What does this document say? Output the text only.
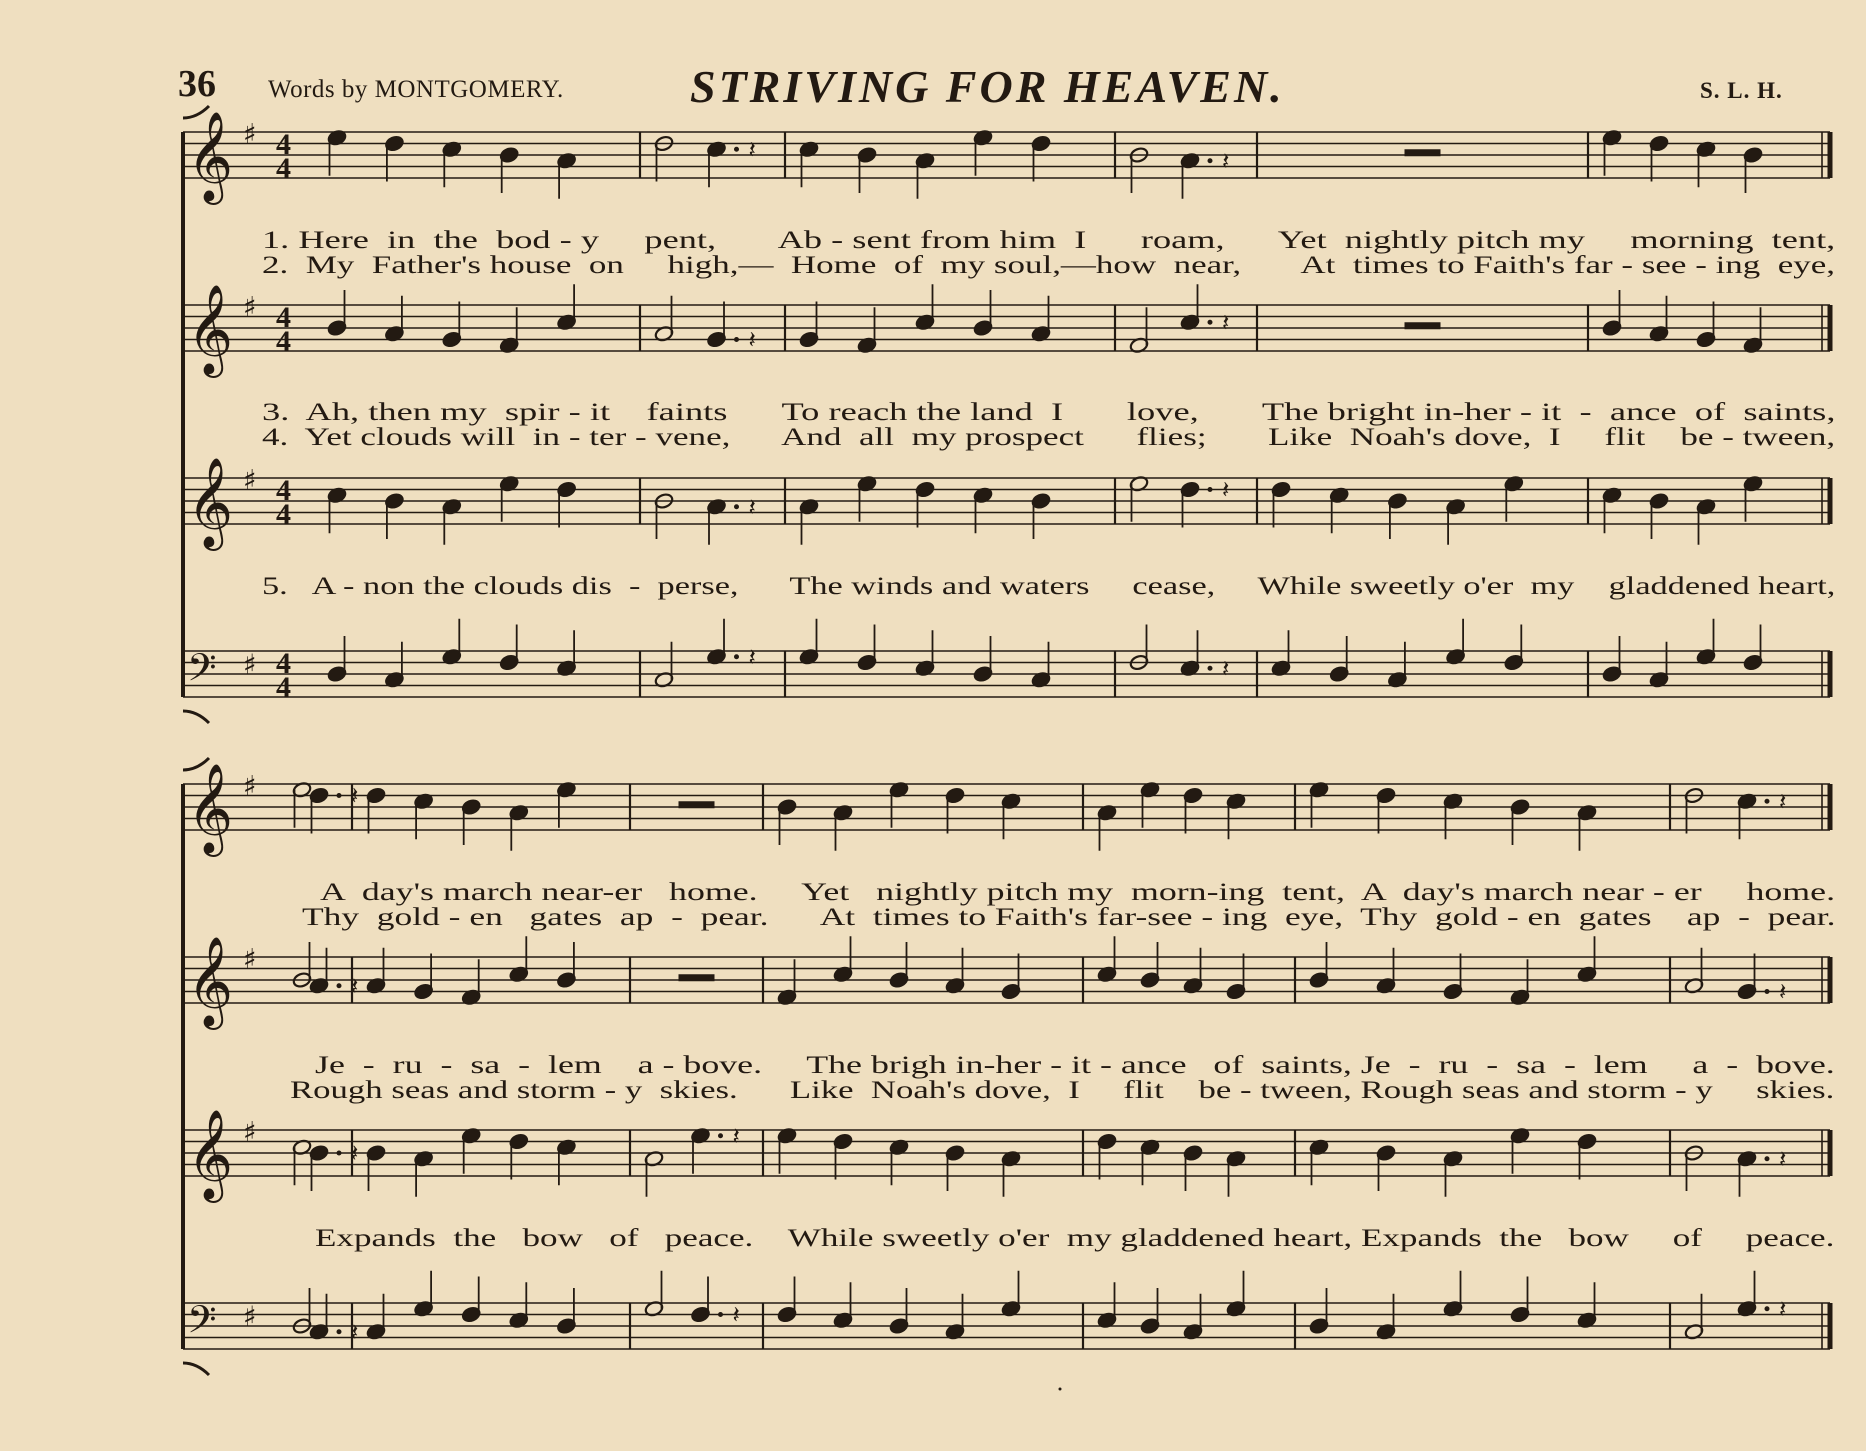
36 Words by MONTGOMERY.	STRIVING FOR HEAVEN.	S. L. H.
𝄞 ♯ 4
4
𝄞 ♯ 4
4
𝄞 ♯ 4
4
𝄢 ♯ 4
4
𝄽	𝄽
𝄽
𝄽
𝄽
𝄽
𝄽	𝄽
𝄞 ♯
𝄞 ♯
𝄞 ♯
𝄢 ♯
𝄽	𝄽
𝄽	𝄽
𝄽
𝄽
𝄽
𝄽
𝄽	𝄽

1. Here  in  the  bod - y     pent,       Ab - sent from him  I      roam,      Yet  nightly pitch my     morning  tent,

2.  My  Father's house  on     high,—  Home  of  my soul,—how  near,       At  times to Faith's far - see - ing  eye,

3.  Ah, then my  spir - it    faints      To reach the land  I       love,       The bright in-her - it  -  ance  of  saints,

4.  Yet clouds will  in - ter - vene,      And  all  my prospect      flies;       Like  Noah's dove,  I     flit    be - tween,

5.   A - non the clouds dis  -  perse,      The winds and waters     cease,     While sweetly o'er  my    gladdened heart,

A  day's march near-er   home.     Yet   nightly pitch my  morn-ing  tent,  A  day's march near - er     home.

Thy  gold - en   gates  ap  -  pear.      At  times to Faith's far-see - ing  eye,  Thy  gold - en  gates    ap  -  pear.

Je  -  ru  -  sa  -  lem    a - bove.     The brigh in-her - it - ance   of  saints, Je  -  ru  -  sa  -  lem     a  -  bove.

Rough seas and storm - y  skies.      Like  Noah's dove,  I     flit    be - tween, Rough seas and storm - y     skies.

Expands  the   bow   of   peace.    While sweetly o'er  my gladdened heart, Expands  the   bow     of     peace.
